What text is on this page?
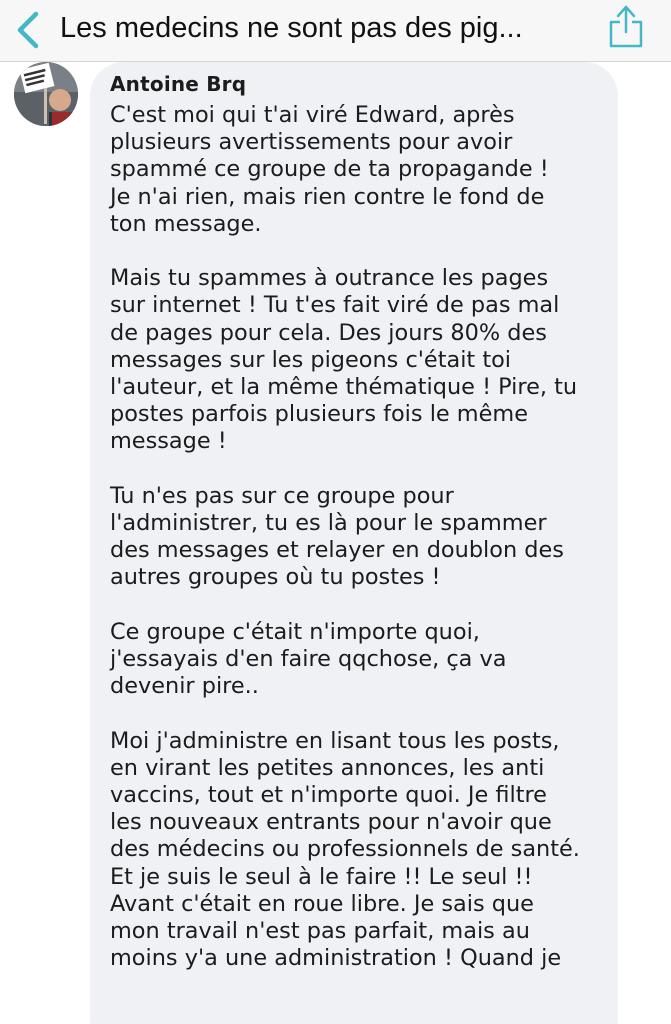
Les medecins ne sont pas des pig...
Antoine Brq

C'est moi qui t'ai viré Edward, après
plusieurs avertissements pour avoir
spammé ce groupe de ta propagande !
Je n'ai rien, mais rien contre le fond de
ton message.

Mais tu spammes à outrance les pages
sur internet ! Tu t'es fait viré de pas mal
de pages pour cela. Des jours 80% des
messages sur les pigeons c'était toi
l'auteur, et la même thématique ! Pire, tu
postes parfois plusieurs fois le même
message !

Tu n'es pas sur ce groupe pour
l'administrer, tu es là pour le spammer
des messages et relayer en doublon des
autres groupes où tu postes !

Ce groupe c'était n'importe quoi,
j'essayais d'en faire qqchose, ça va
devenir pire..

Moi j'administre en lisant tous les posts,
en virant les petites annonces, les anti
vaccins, tout et n'importe quoi. Je filtre
les nouveaux entrants pour n'avoir que
des médecins ou professionnels de santé.
Et je suis le seul à le faire !! Le seul !!
Avant c'était en roue libre. Je sais que
mon travail n'est pas parfait, mais au
moins y'a une administration ! Quand je
